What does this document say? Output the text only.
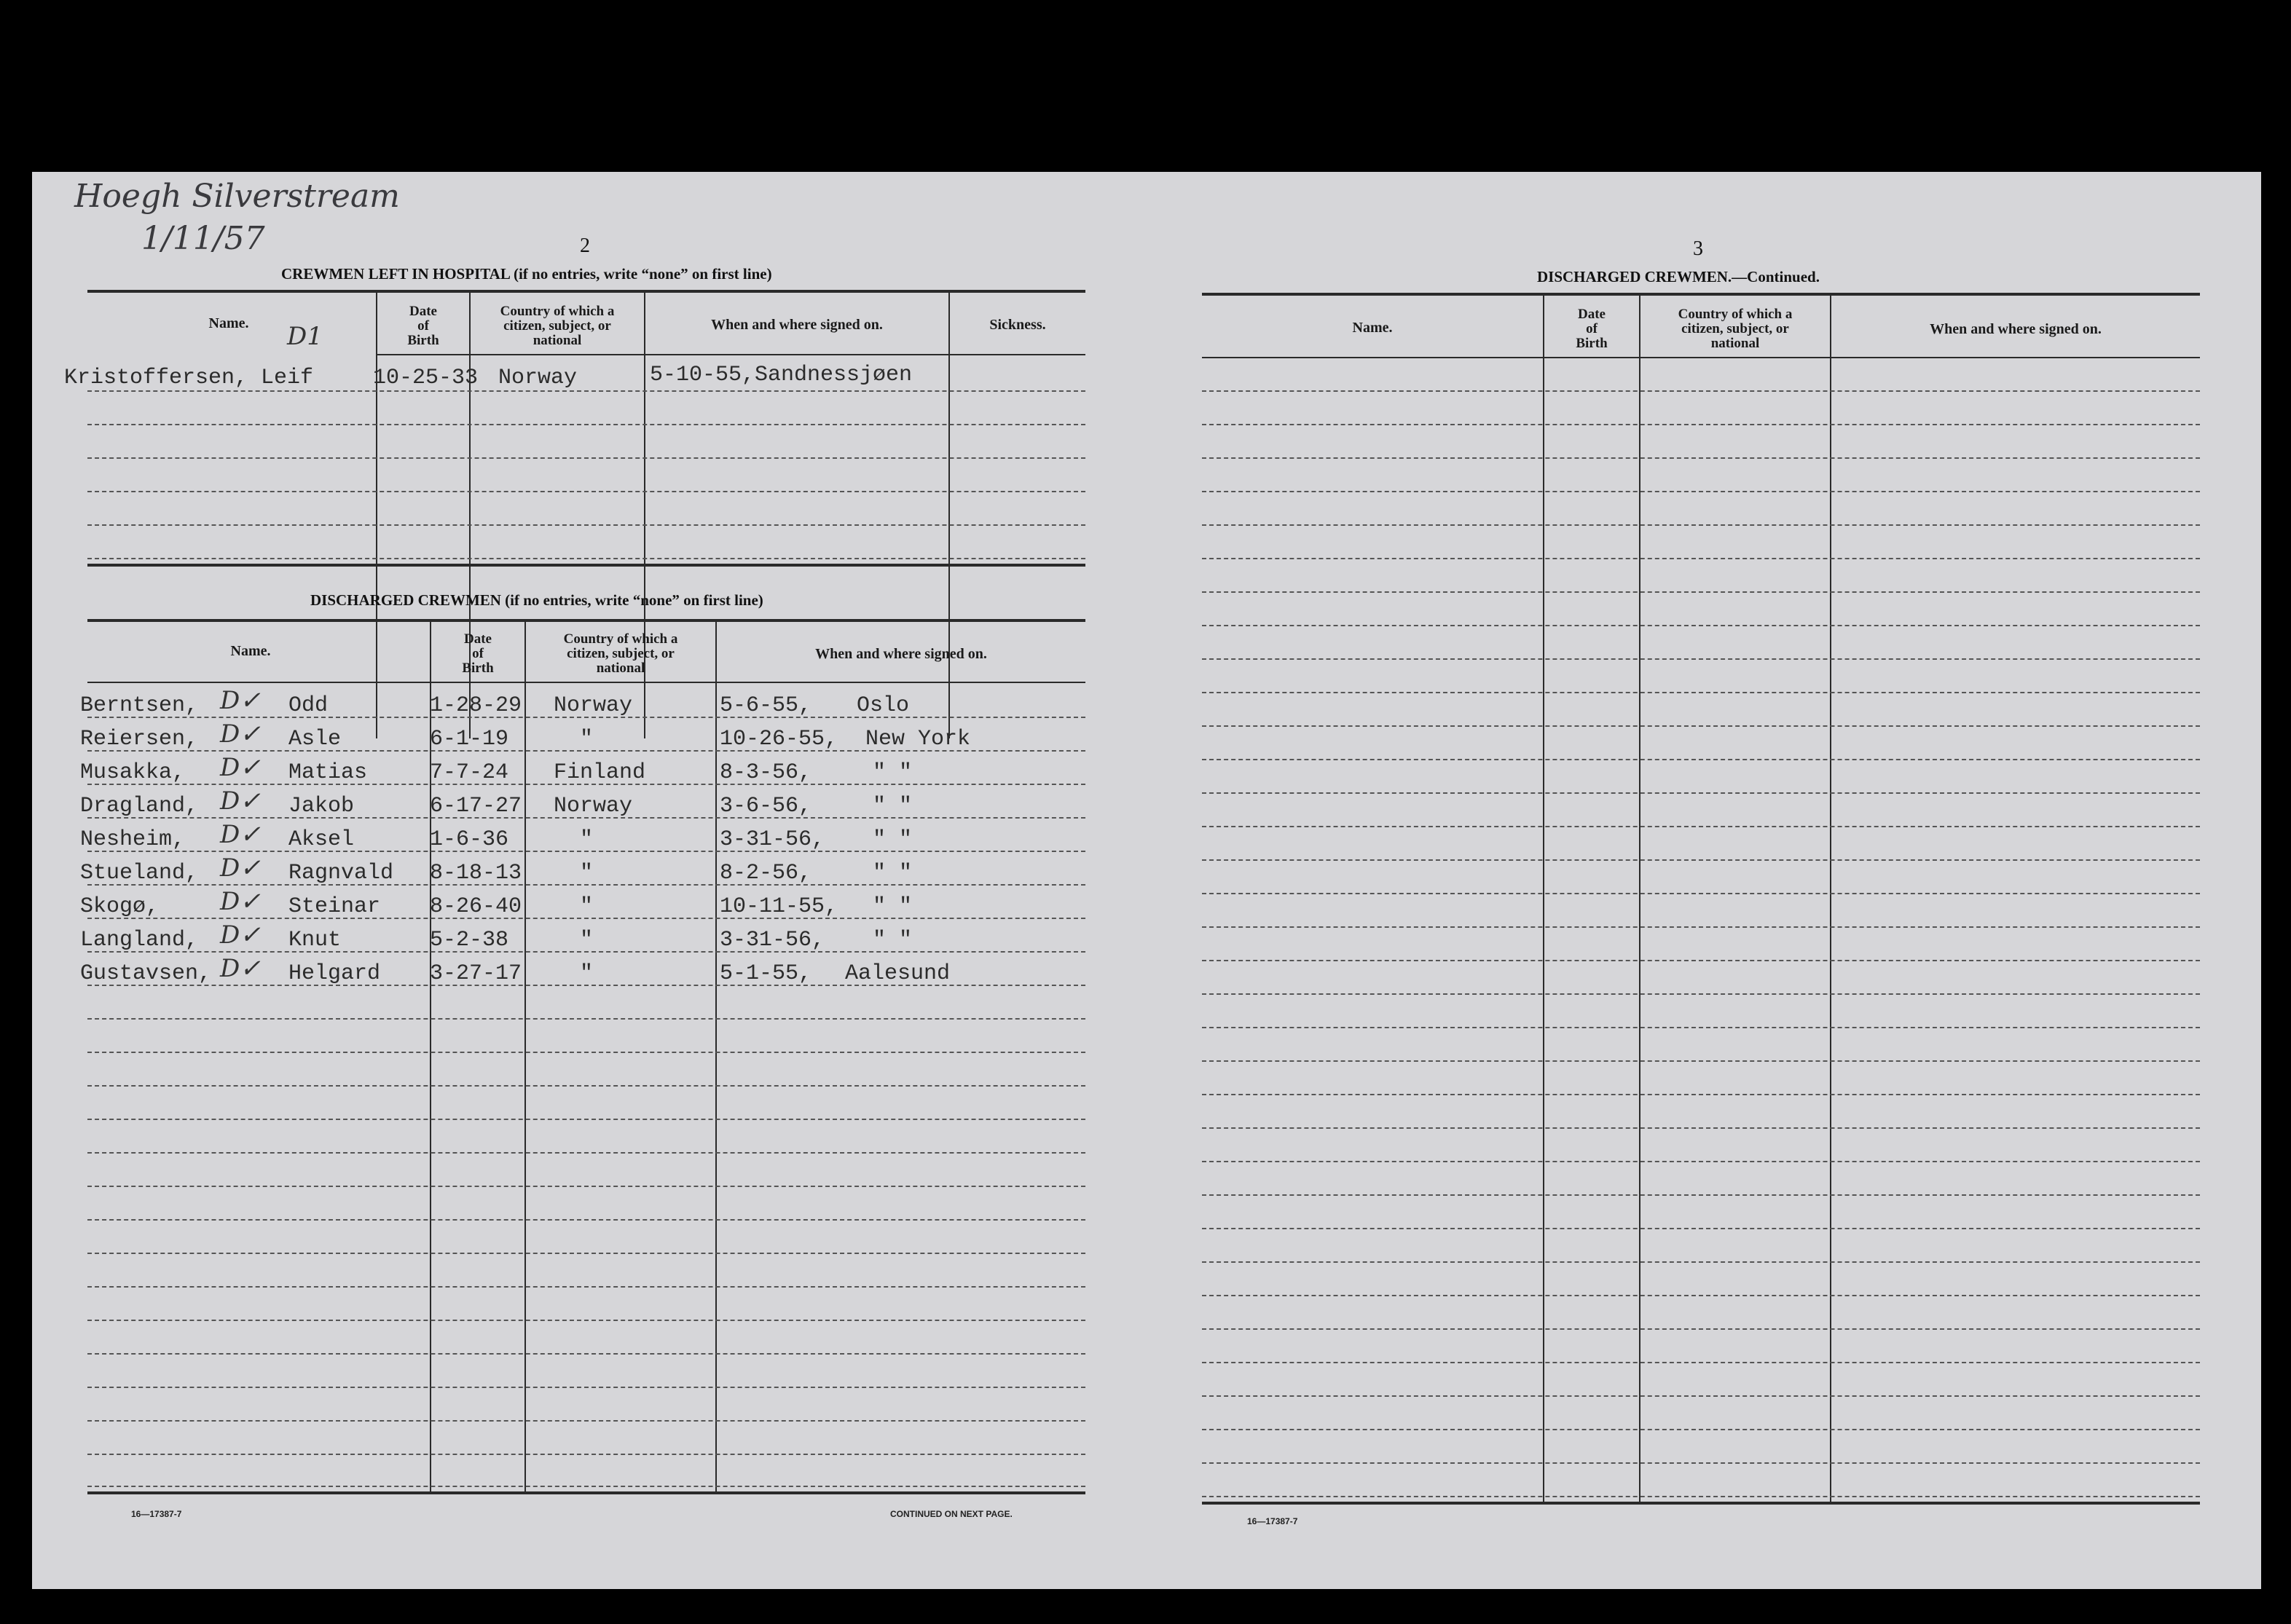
Hoegh Silverstream
1/11/57	2
CREWMEN LEFT IN HOSPITAL (if no entries, write “none” on first line)
Name.
Date
of
Birth
Country of which a
citizen, subject, or
national
When and where signed on.	Sickness.
Kristoffersen, Leif
D1
10-25-33 Norway	5-10-55,Sandnessjøen
DISCHARGED CREWMEN (if no entries, write “none” on first line)
Name.
Date
of
Birth
Country of which a
citizen, subject, or
national
When and where signed on.
Berntsen, D✓ Odd	1-28-29 Norway	5-6-55, Oslo
Reiersen, D✓ Asle	6-1-19	"	10-26-55, New York
Musakka, D✓ Matias	7-7-24 Finland	8-3-56,	" "
Dragland, D✓ Jakob	6-17-27 Norway	3-6-56,	" "
Nesheim, D✓ Aksel	1-6-36	"	3-31-56, " "
Stueland, D✓ Ragnvald 8-18-13	"	8-2-56,	" "
Skogø, D✓ Steinar 8-26-40	"	10-11-55, " "
Langland, D✓ Knut	5-2-38	"	3-31-56, " "
Gustavsen, D✓ Helgard 3-27-17	"	5-1-55, Aalesund
16—17387-7	CONTINUED ON NEXT PAGE.
3
DISCHARGED CREWMEN.—Continued.
Name.
Date
of
Birth
Country of which a
citizen, subject, or
national
When and where signed on.
16—17387-7
